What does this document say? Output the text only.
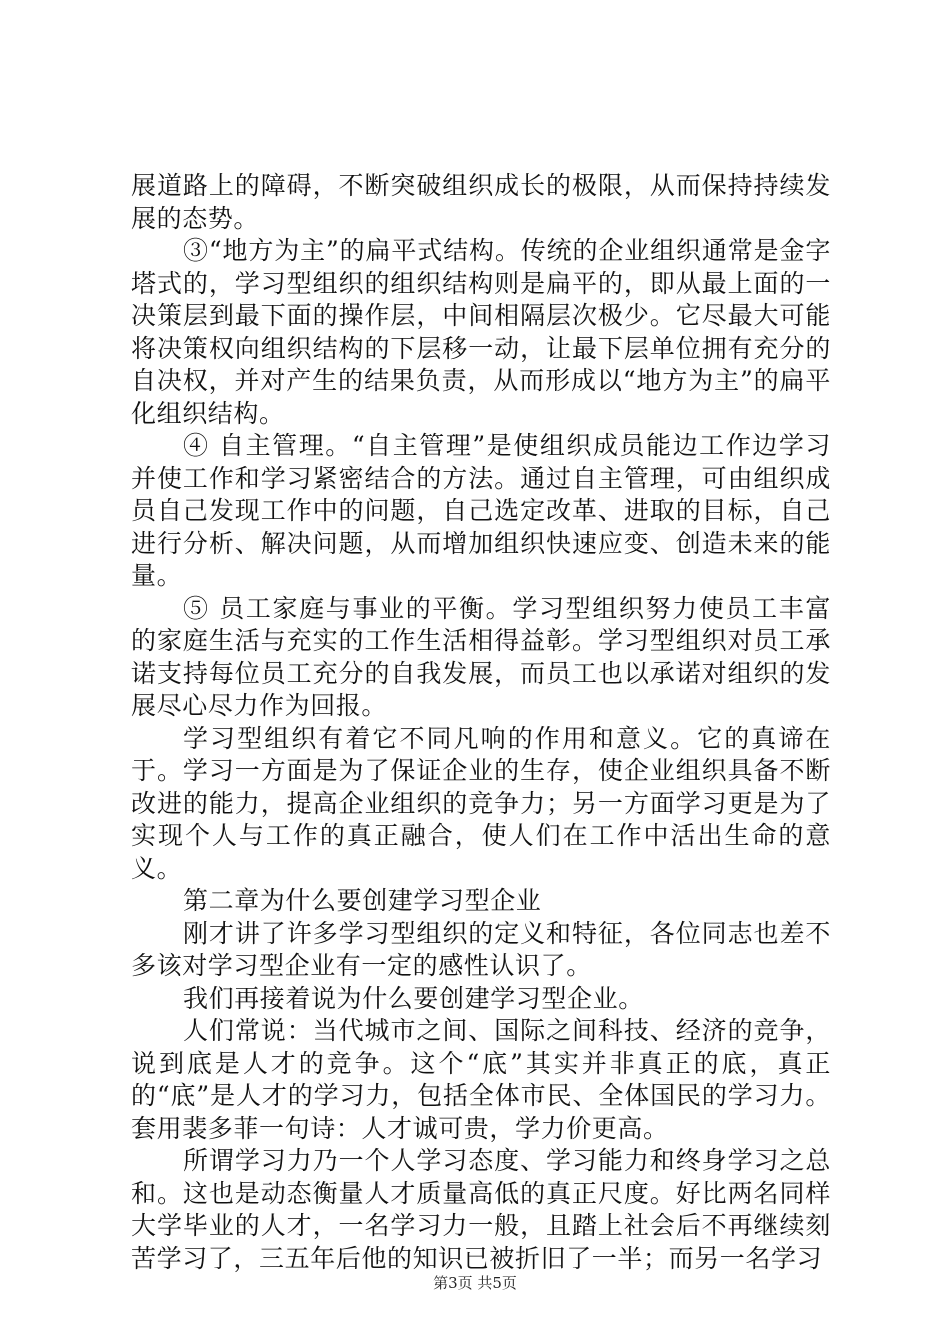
展道路上的障碍，不断突破组织成长的极限，从而保持持续发展的态势。

③“地方为主”的扁平式结构。传统的企业组织通常是金字塔式的，学习型组织的组织结构则是扁平的，即从最上面的一决策层到最下面的操作层，中间相隔层次极少。它尽最大可能将决策权向组织结构的下层移一动，让最下层单位拥有充分的自决权，并对产生的结果负责，从而形成以“地方为主”的扁平化组织结构。

④ 自主管理。“自主管理”是使组织成员能边工作边学习并使工作和学习紧密结合的方法。通过自主管理，可由组织成员自己发现工作中的问题，自己选定改革、进取的目标，自己进行分析、解决问题，从而增加组织快速应变、创造未来的能量。

⑤ 员工家庭与事业的平衡。学习型组织努力使员工丰富的家庭生活与充实的工作生活相得益彰。学习型组织对员工承诺支持每位员工充分的自我发展，而员工也以承诺对组织的发展尽心尽力作为回报。

学习型组织有着它不同凡响的作用和意义。它的真谛在于。学习一方面是为了保证企业的生存，使企业组织具备不断改进的能力，提高企业组织的竞争力；另一方面学习更是为了实现个人与工作的真正融合，使人们在工作中活出生命的意义。

第二章为什么要创建学习型企业

刚才讲了许多学习型组织的定义和特征，各位同志也差不多该对学习型企业有一定的感性认识了。

我们再接着说为什么要创建学习型企业。

人们常说：当代城市之间、国际之间科技、经济的竞争，说到底是人才的竞争。这个“底”其实并非真正的底，真正的“底”是人才的学习力，包括全体市民、全体国民的学习力。套用裴多菲一句诗：人才诚可贵，学力价更高。

所谓学习力乃一个人学习态度、学习能力和终身学习之总和。这也是动态衡量人才质量高低的真正尺度。好比两名同样大学毕业的人才，一名学习力一般，且踏上社会后不再继续刻苦学习了，三五年后他的知识已被折旧了一半；而另一名学习

第3页 共5页
